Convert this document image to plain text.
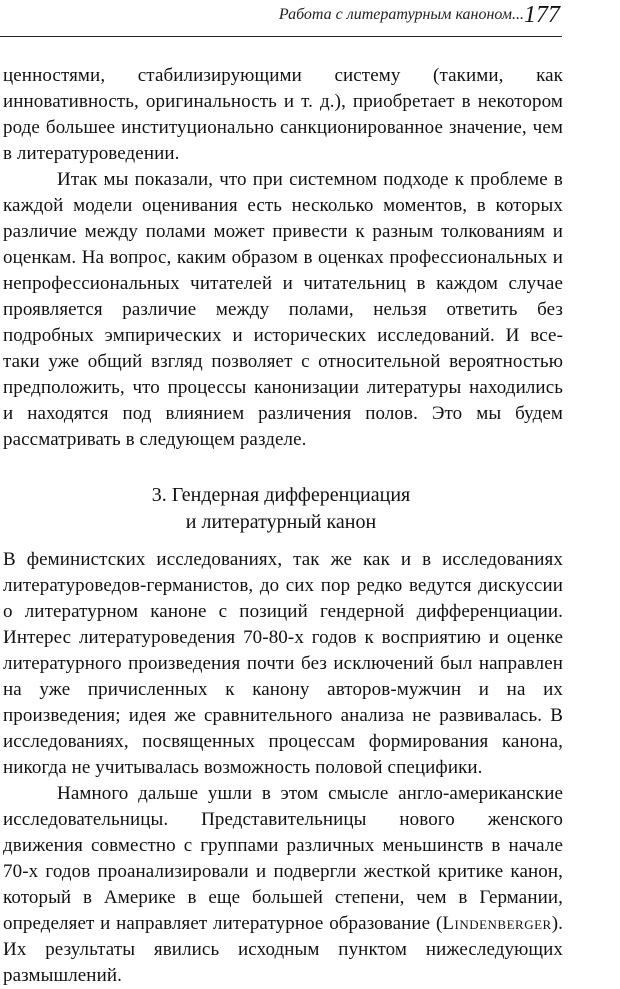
Работа с литературным каноном... 177

ценностями, стабилизирующими систему (такими, как инновативность, оригинальность и т. д.), приобретает в некотором роде большее институционально санкционированное значение, чем в литературоведении.

Итак мы показали, что при системном подходе к проблеме в каждой модели оценивания есть несколько моментов, в которых различие между полами может привести к разным толкованиям и оценкам. На вопрос, каким образом в оценках профессиональных и непрофессиональных читателей и читательниц в каждом случае проявляется различие между полами, нельзя ответить без подробных эмпирических и исторических исследований. И все-таки уже общий взгляд позволяет с относительной вероятностью предположить, что процессы канонизации литературы находились и находятся под влиянием различения полов. Это мы будем рассматривать в следующем разделе.

3. Гендерная дифференциация
и литературный канон

В феминистских исследованиях, так же как и в исследованиях литературоведов-германистов, до сих пор редко ведутся дискуссии о литературном каноне с позиций гендерной дифференциации. Интерес литературоведения 70-80-х годов к восприятию и оценке литературного произведения почти без исключений был направлен на уже причисленных к канону авторов-мужчин и на их произведения; идея же сравнительного анализа не развивалась. В исследованиях, посвященных процессам формирования канона, никогда не учитывалась возможность половой специфики.

Намного дальше ушли в этом смысле англо-американские исследовательницы. Представительницы нового женского движения совместно с группами различных меньшинств в начале 70-х годов проанализировали и подвергли жесткой критике канон, который в Америке в еще большей степени, чем в Германии, определяет и направляет литературное образование (Lindenberger). Их результаты явились исходным пунктом нижеследующих размышлений.
